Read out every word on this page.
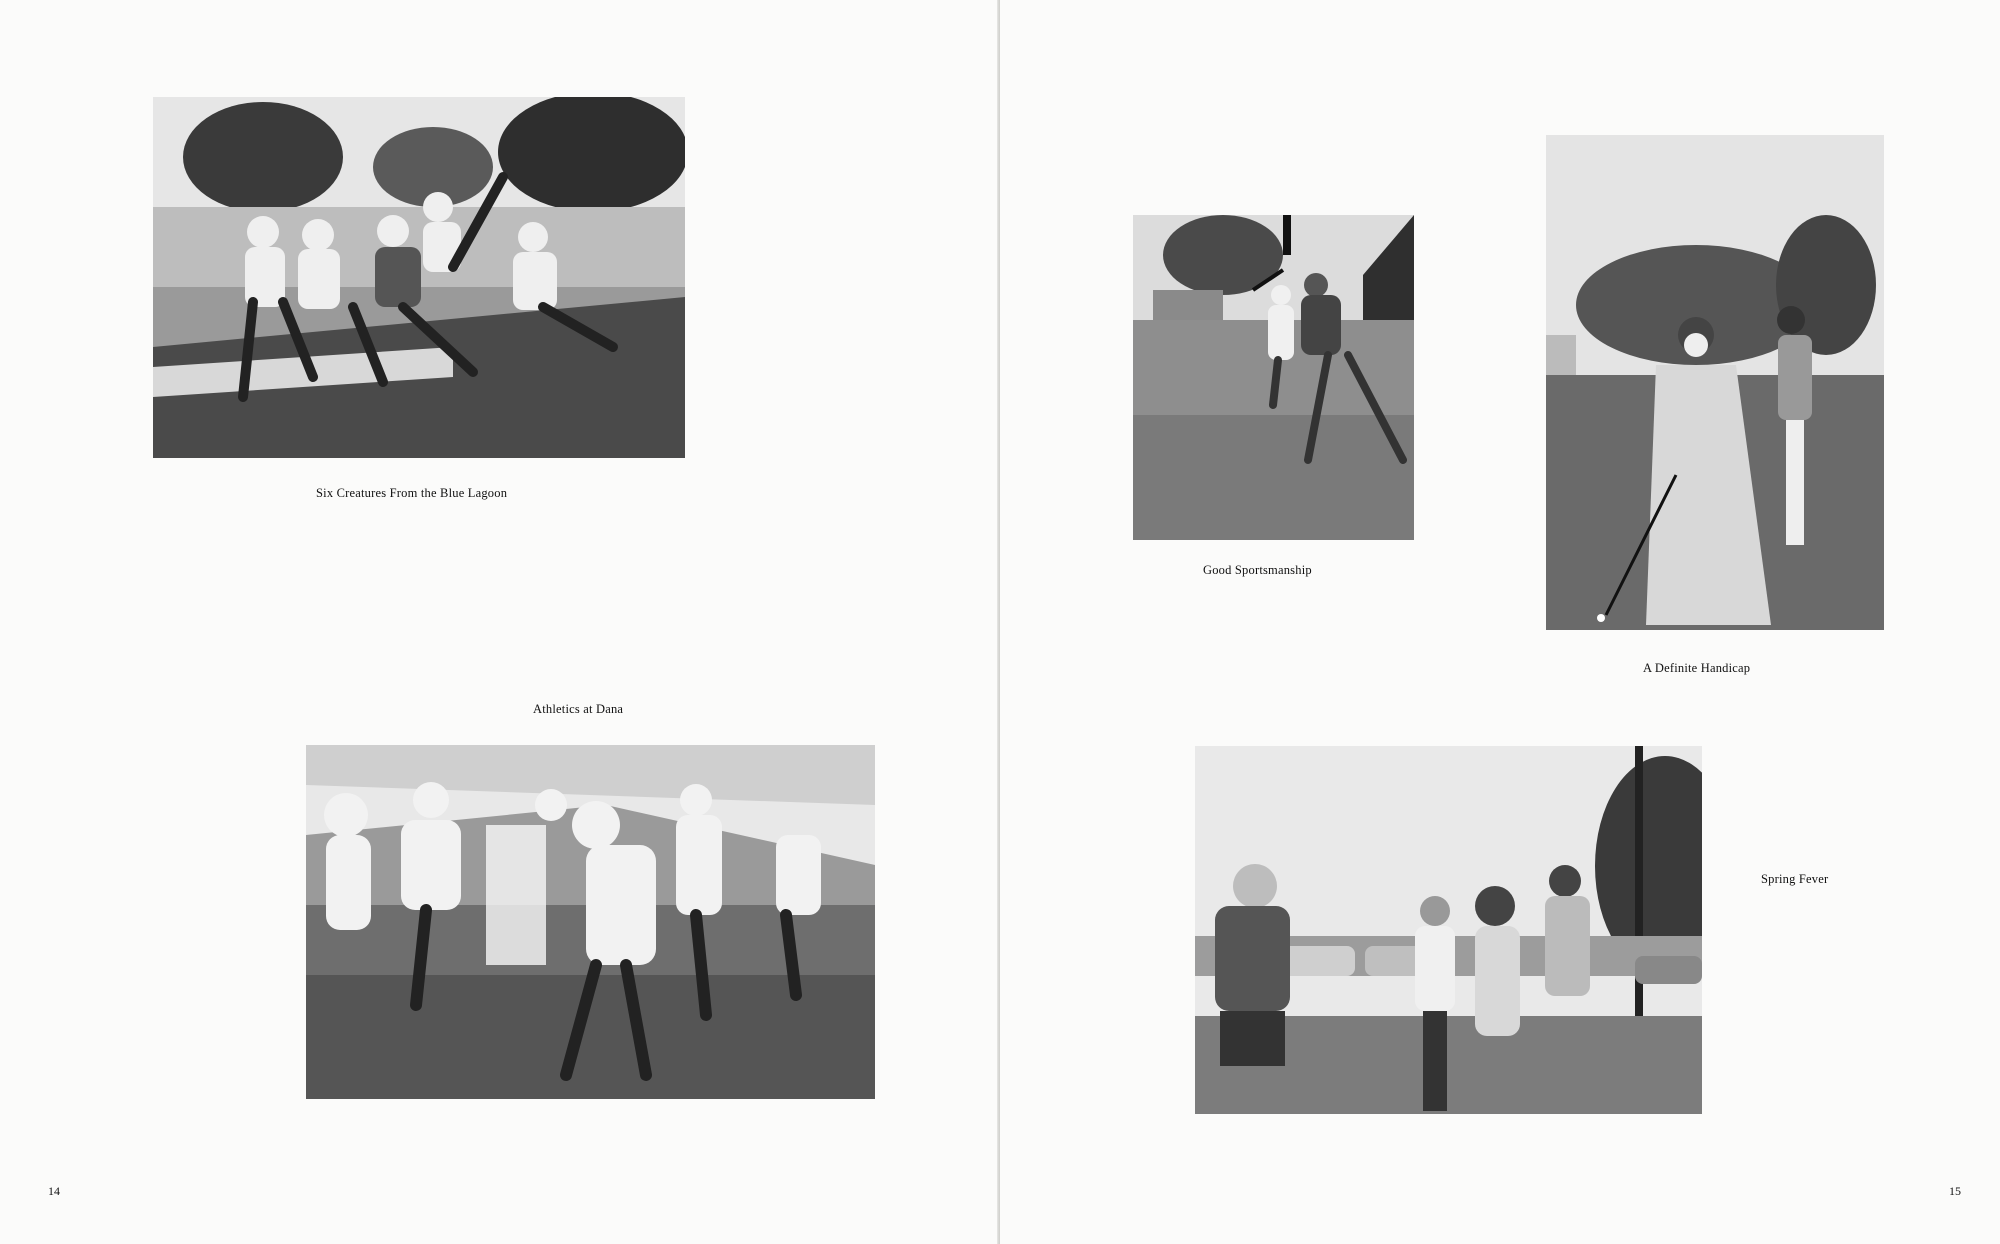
Six Creatures From the Blue Lagoon
Athletics at Dana
14
Good Sportsmanship
A Definite Handicap
Spring Fever
15
